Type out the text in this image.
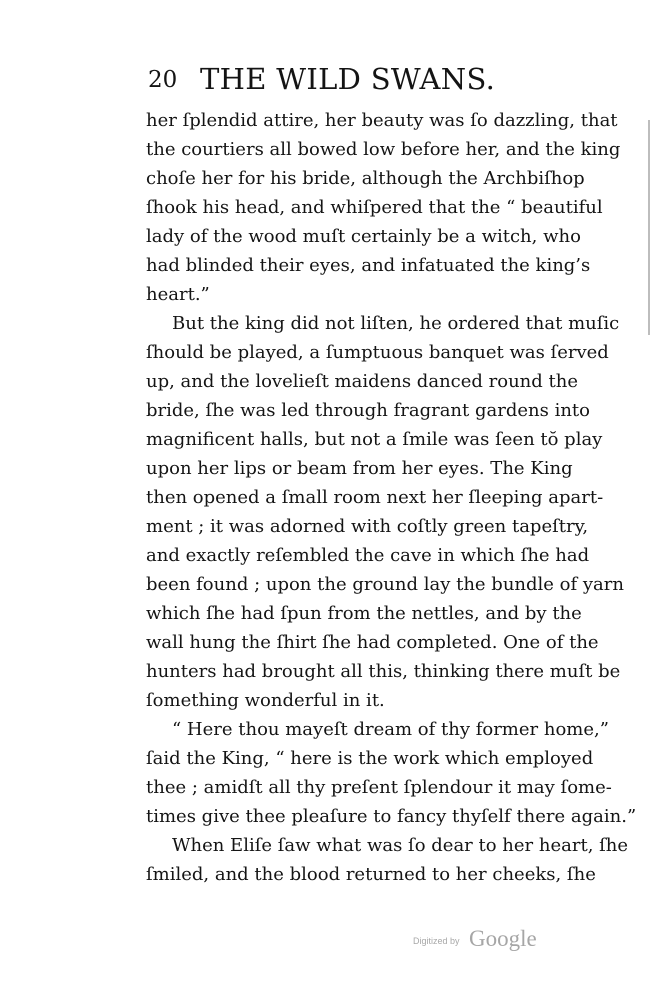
20 THE WILD SWANS.
her ſplendid attire, her beauty was ſo dazzling, that
the courtiers all bowed low before her, and the king
choſe her for his bride, although the Archbiſhop
ſhook his head, and whiſpered that the “ beautiful
lady of the wood muſt certainly be a witch, who
had blinded their eyes, and infatuated the king’s
heart.”
But the king did not liſten, he ordered that muſic
ſhould be played, a ſumptuous banquet was ſerved
up, and the lovelieſt maidens danced round the
bride, ſhe was led through fragrant gardens into
magnificent halls, but not a ſmile was ſeen tŏ play
upon her lips or beam from her eyes. The King
then opened a ſmall room next her ſleeping apart-
ment ; it was adorned with coſtly green tapeſtry,
and exactly reſembled the cave in which ſhe had
been found ; upon the ground lay the bundle of yarn
which ſhe had ſpun from the nettles, and by the
wall hung the ſhirt ſhe had completed. One of the
hunters had brought all this, thinking there muſt be
ſomething wonderful in it.
“ Here thou mayeſt dream of thy former home,”
ſaid the King, “ here is the work which employed
thee ; amidſt all thy preſent ſplendour it may ſome-
times give thee pleaſure to fancy thyſelf there again.”
When Eliſe ſaw what was ſo dear to her heart, ſhe
ſmiled, and the blood returned to her cheeks, ſhe
Digitized by Google
